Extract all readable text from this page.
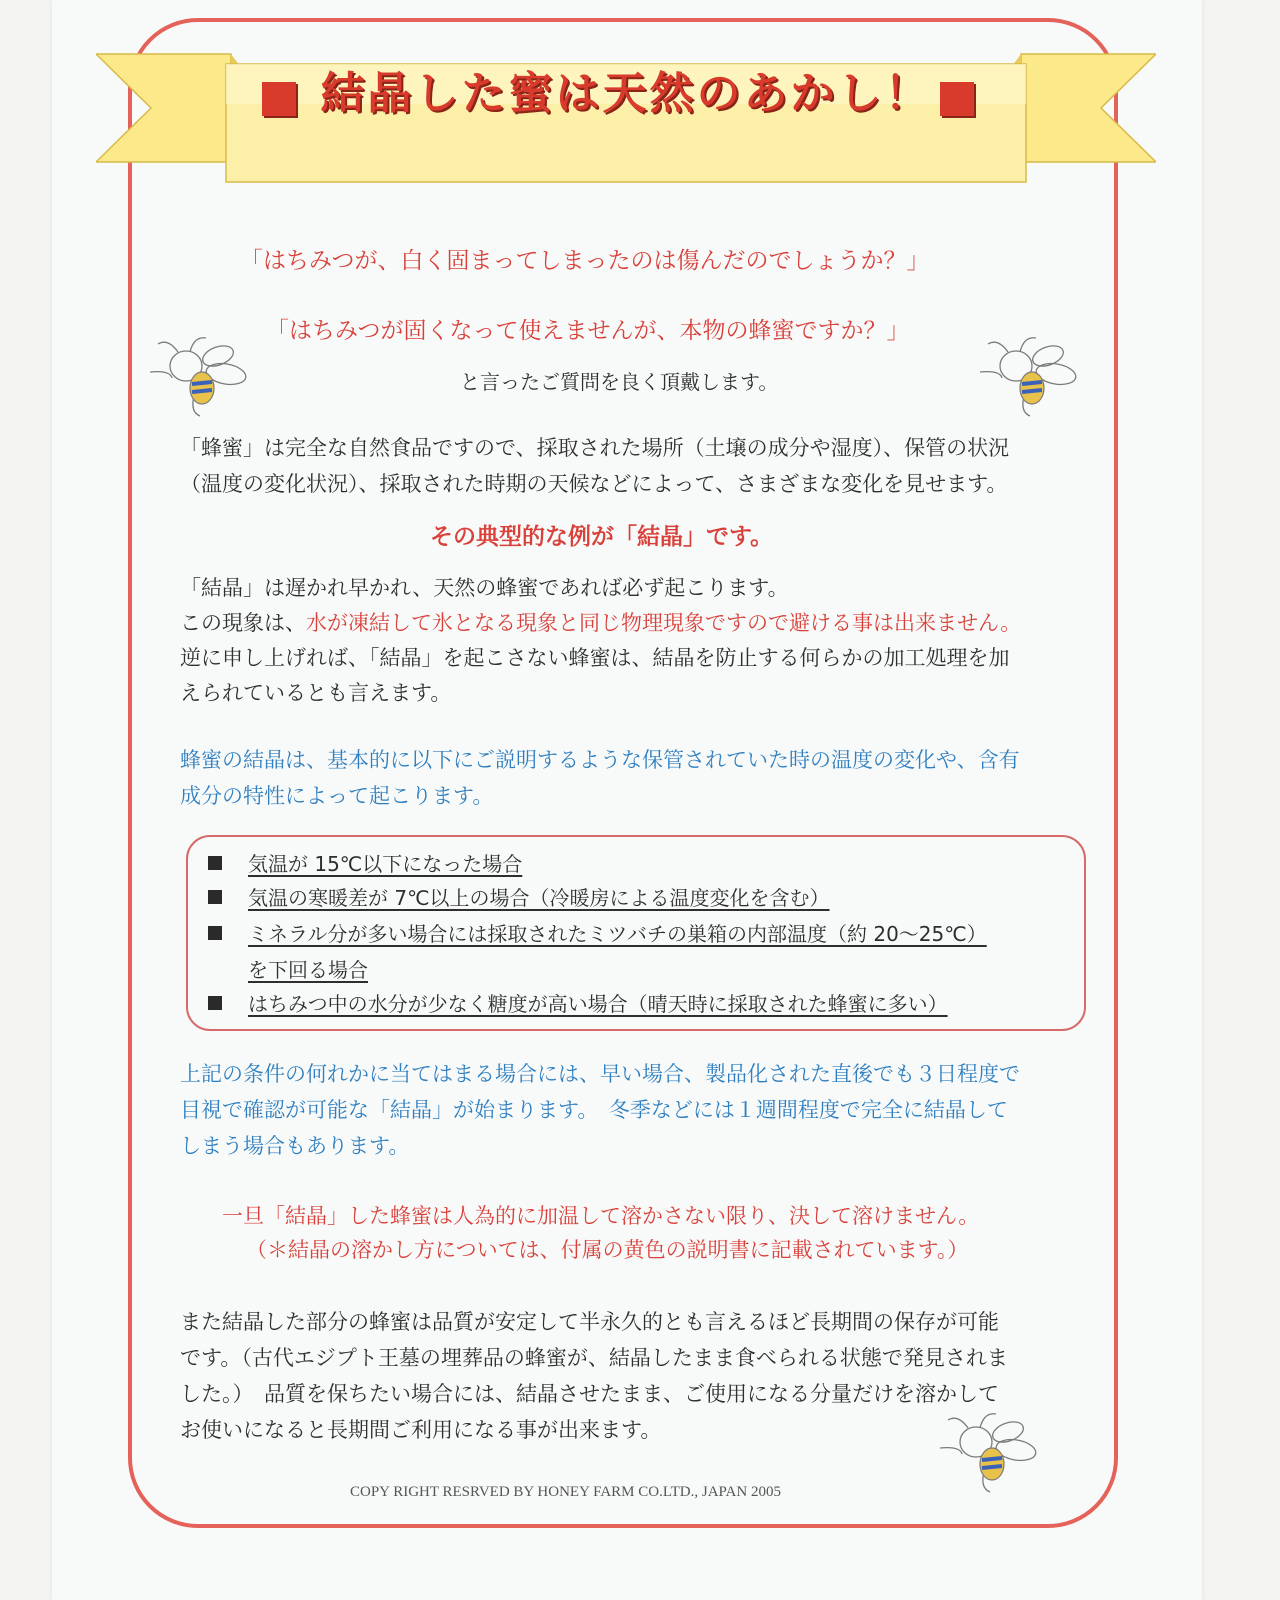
結晶した蜜は天然のあかし！
「はちみつが、白く固まってしまったのは傷んだのでしょうか？」
「はちみつが固くなって使えませんが、本物の蜂蜜ですか？」
と言ったご質問を良く頂戴します。
「蜂蜜」は完全な自然食品ですので、採取された場所（土壌の成分や湿度）、保管の状況
（温度の変化状況）、採取された時期の天候などによって、さまざまな変化を見せます。
その典型的な例が「結晶」です。
「結晶」は遅かれ早かれ、天然の蜂蜜であれば必ず起こります。
この現象は、水が凍結して氷となる現象と同じ物理現象ですので避ける事は出来ません。
逆に申し上げれば、「結晶」を起こさない蜂蜜は、結晶を防止する何らかの加工処理を加
えられているとも言えます。
蜂蜜の結晶は、基本的に以下にご説明するような保管されていた時の温度の変化や、含有
成分の特性によって起こります。
気温が 15℃以下になった場合
気温の寒暖差が 7℃以上の場合（冷暖房による温度変化を含む）
ミネラル分が多い場合には採取されたミツバチの巣箱の内部温度（約 20～25℃）
を下回る場合
はちみつ中の水分が少なく糖度が高い場合（晴天時に採取された蜂蜜に多い）
上記の条件の何れかに当てはまる場合には、早い場合、製品化された直後でも３日程度で
目視で確認が可能な「結晶」が始まります。　冬季などには１週間程度で完全に結晶して
しまう場合もあります。
一旦「結晶」した蜂蜜は人為的に加温して溶かさない限り、決して溶けません。
（＊結晶の溶かし方については、付属の黄色の説明書に記載されています。）
また結晶した部分の蜂蜜は品質が安定して半永久的とも言えるほど長期間の保存が可能
です。（古代エジプト王墓の埋葬品の蜂蜜が、結晶したまま食べられる状態で発見されま
した。）　品質を保ちたい場合には、結晶させたまま、ご使用になる分量だけを溶かして
お使いになると長期間ご利用になる事が出来ます。
COPY RIGHT RESRVED BY HONEY FARM CO.LTD., JAPAN 2005
